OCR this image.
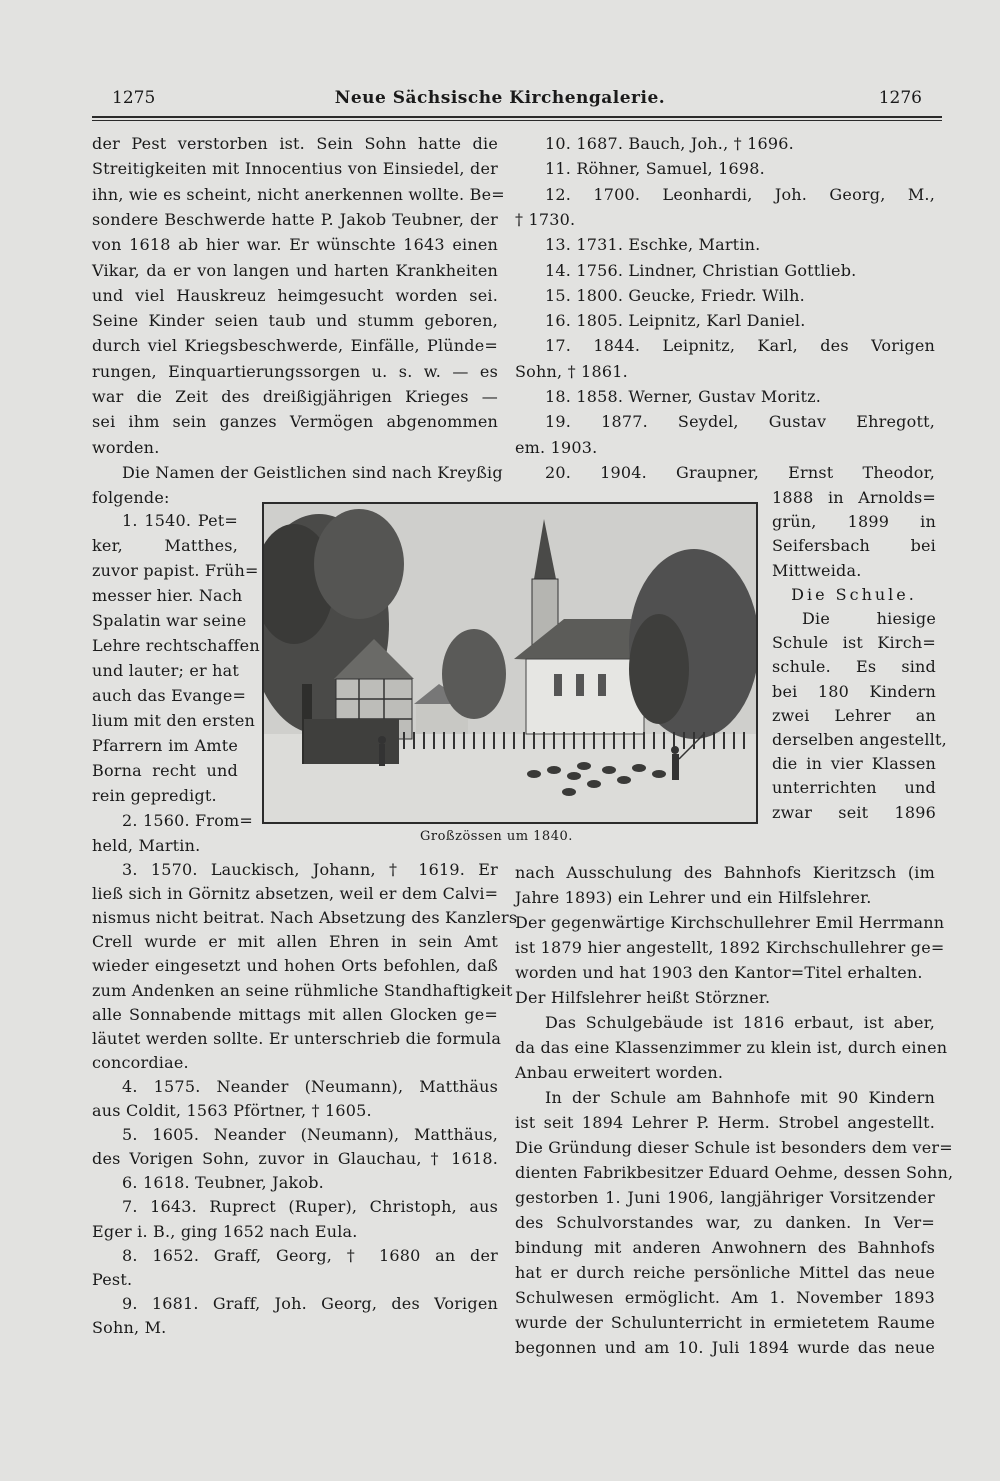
1275	Neue Sächsische Kirchengalerie.	1276
der Pest verstorben ist. Sein Sohn hatte die
Streitigkeiten mit Innocentius von Einsiedel, der
ihn, wie es scheint, nicht anerkennen wollte. Be=
sondere Beschwerde hatte P. Jakob Teubner, der
von 1618 ab hier war. Er wünschte 1643 einen
Vikar, da er von langen und harten Krankheiten
und viel Hauskreuz heimgesucht worden sei.
Seine Kinder seien taub und stumm geboren,
durch viel Kriegsbeschwerde, Einfälle, Plünde=
rungen, Einquartierungssorgen u. s. w. — es
war die Zeit des dreißigjährigen Krieges —
sei ihm sein ganzes Vermögen abgenommen
worden.
Die Namen der Geistlichen sind nach Kreyßig
folgende:
1. 1540. Pet=
ker, Matthes,
zuvor papist. Früh=
messer hier. Nach
Spalatin war seine
Lehre rechtschaffen
und lauter; er hat
auch das Evange=
lium mit den ersten
Pfarrern im Amte
Borna recht und
rein gepredigt.
2. 1560. From=
held, Martin.
3. 1570. Lauckisch, Johann, † 1619. Er
ließ sich in Görnitz absetzen, weil er dem Calvi=
nismus nicht beitrat. Nach Absetzung des Kanzlers
Crell wurde er mit allen Ehren in sein Amt
wieder eingesetzt und hohen Orts befohlen, daß
zum Andenken an seine rühmliche Standhaftigkeit
alle Sonnabende mittags mit allen Glocken ge=
läutet werden sollte. Er unterschrieb die formula
concordiae.
4. 1575. Neander (Neumann), Matthäus
aus Coldit, 1563 Pförtner, † 1605.
5. 1605. Neander (Neumann), Matthäus,
des Vorigen Sohn, zuvor in Glauchau, † 1618.
6. 1618. Teubner, Jakob.
7. 1643. Ruprect (Ruper), Christoph, aus
Eger i. B., ging 1652 nach Eula.
8. 1652. Graff, Georg, † 1680 an der
Pest.
9. 1681. Graff, Joh. Georg, des Vorigen
Sohn, M.
10. 1687. Bauch, Joh., † 1696.
11. Röhner, Samuel, 1698.
12. 1700. Leonhardi, Joh. Georg, M.,
† 1730.
13. 1731. Eschke, Martin.
14. 1756. Lindner, Christian Gottlieb.
15. 1800. Geucke, Friedr. Wilh.
16. 1805. Leipnitz, Karl Daniel.
17. 1844. Leipnitz, Karl, des Vorigen
Sohn, † 1861.
18. 1858. Werner, Gustav Moritz.
19. 1877. Seydel, Gustav Ehregott,
em. 1903.
20. 1904. Graupner, Ernst Theodor,
1888 in Arnolds=
grün, 1899 in
Seifersbach bei
Mittweida.
Die Schule.
Die hiesige
Schule ist Kirch=
schule. Es sind
bei 180 Kindern
zwei Lehrer an
derselben angestellt,
die in vier Klassen
unterrichten und
zwar seit 1896
nach Ausschulung des Bahnhofs Kieritzsch (im
Jahre 1893) ein Lehrer und ein Hilfslehrer.
Der gegenwärtige Kirchschullehrer Emil Herrmann
ist 1879 hier angestellt, 1892 Kirchschullehrer ge=
worden und hat 1903 den Kantor=Titel erhalten.
Der Hilfslehrer heißt Störzner.
Das Schulgebäude ist 1816 erbaut, ist aber,
da das eine Klassenzimmer zu klein ist, durch einen
Anbau erweitert worden.
In der Schule am Bahnhofe mit 90 Kindern
ist seit 1894 Lehrer P. Herm. Strobel angestellt.
Die Gründung dieser Schule ist besonders dem ver=
dienten Fabrikbesitzer Eduard Oehme, dessen Sohn,
gestorben 1. Juni 1906, langjähriger Vorsitzender
des Schulvorstandes war, zu danken. In Ver=
bindung mit anderen Anwohnern des Bahnhofs
hat er durch reiche persönliche Mittel das neue
Schulwesen ermöglicht. Am 1. November 1893
wurde der Schulunterricht in ermietetem Raume
begonnen und am 10. Juli 1894 wurde das neue
Großzössen um 1840.
